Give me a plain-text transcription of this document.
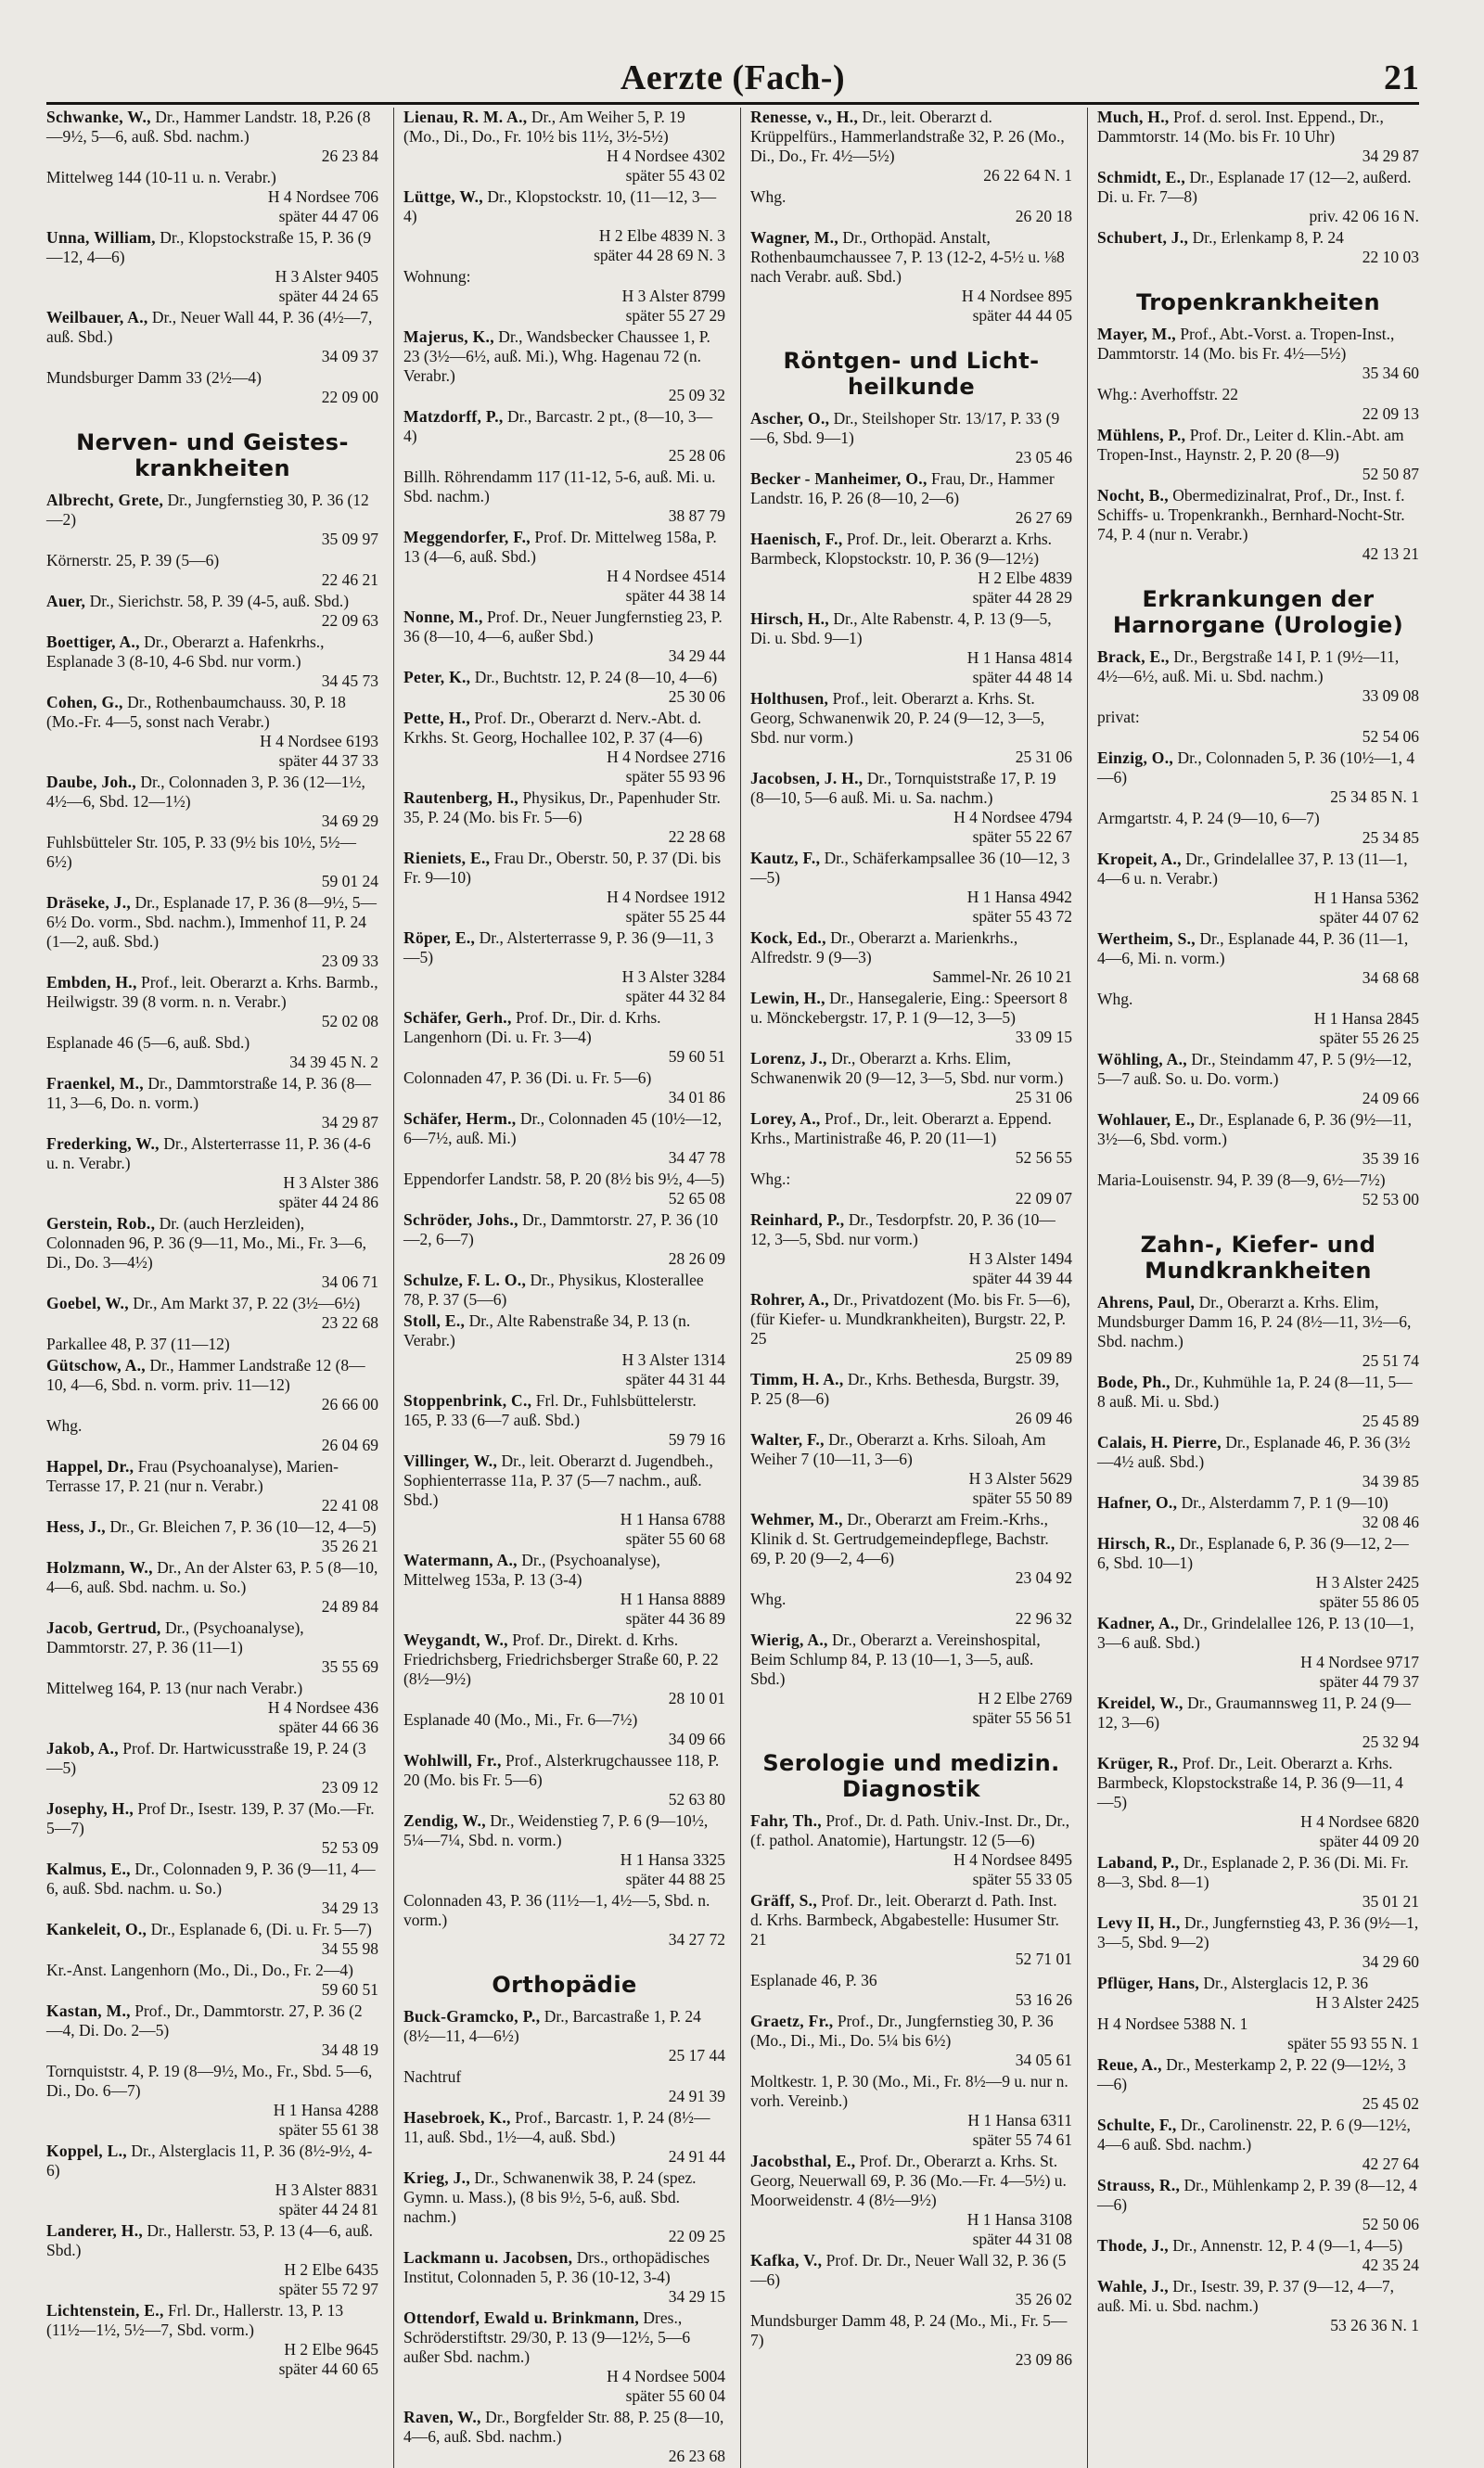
Aerzte (Fach-)	21
Schwanke, W., Dr., Hammer Landstr. 18, P.26 (8—9½, 5—6, auß. Sbd. nachm.)
26 23 84
Mittelweg 144 (10-11 u. n. Verabr.)
H 4 Nordsee 706
später 44 47 06
Unna, William, Dr., Klopstockstraße 15, P. 36 (9—12, 4—6)
H 3 Alster 9405
später 44 24 65
Weilbauer, A., Dr., Neuer Wall 44, P. 36 (4½—7, auß. Sbd.)
34 09 37
Mundsburger Damm 33 (2½—4)
22 09 00
Nerven- und Geistes-krankheiten
Albrecht, Grete, Dr., Jungfernstieg 30, P. 36 (12—2)
35 09 97
Körnerstr. 25, P. 39 (5—6)
22 46 21
Auer, Dr., Sierichstr. 58, P. 39 (4-5, auß. Sbd.)
22 09 63
Boettiger, A., Dr., Oberarzt a. Hafenkrhs., Esplanade 3 (8-10, 4-6 Sbd. nur vorm.)
34 45 73
Cohen, G., Dr., Rothenbaumchauss. 30, P. 18 (Mo.-Fr. 4—5, sonst nach Verabr.)
H 4 Nordsee 6193
später 44 37 33
Daube, Joh., Dr., Colonnaden 3, P. 36 (12—1½, 4½—6, Sbd. 12—1½)
34 69 29
Fuhlsbütteler Str. 105, P. 33 (9½ bis 10½, 5½—6½)
59 01 24
Dräseke, J., Dr., Esplanade 17, P. 36 (8—9½, 5—6½ Do. vorm., Sbd. nachm.), Immenhof 11, P. 24 (1—2, auß. Sbd.)
23 09 33
Embden, H., Prof., leit. Oberarzt a. Krhs. Barmb., Heilwigstr. 39 (8 vorm. n. n. Verabr.)
52 02 08
Esplanade 46 (5—6, auß. Sbd.)
34 39 45 N. 2
Fraenkel, M., Dr., Dammtorstraße 14, P. 36 (8—11, 3—6, Do. n. vorm.)
34 29 87
Frederking, W., Dr., Alsterterrasse 11, P. 36 (4-6 u. n. Verabr.)
H 3 Alster 386
später 44 24 86
Gerstein, Rob., Dr. (auch Herzleiden), Colonnaden 96, P. 36 (9—11, Mo., Mi., Fr. 3—6, Di., Do. 3—4½)
34 06 71
Goebel, W., Dr., Am Markt 37, P. 22 (3½—6½)
23 22 68
Parkallee 48, P. 37 (11—12)
Gütschow, A., Dr., Hammer Landstraße 12 (8—10, 4—6, Sbd. n. vorm. priv. 11—12)
26 66 00
Whg.
26 04 69
Happel, Dr., Frau (Psychoanalyse), Marien-Terrasse 17, P. 21 (nur n. Verabr.)
22 41 08
Hess, J., Dr., Gr. Bleichen 7, P. 36 (10—12, 4—5)
35 26 21
Holzmann, W., Dr., An der Alster 63, P. 5 (8—10, 4—6, auß. Sbd. nachm. u. So.)
24 89 84
Jacob, Gertrud, Dr., (Psychoanalyse), Dammtorstr. 27, P. 36 (11—1)
35 55 69
Mittelweg 164, P. 13 (nur nach Verabr.)
H 4 Nordsee 436
später 44 66 36
Jakob, A., Prof. Dr. Hartwicusstraße 19, P. 24 (3—5)
23 09 12
Josephy, H., Prof Dr., Isestr. 139, P. 37 (Mo.—Fr. 5—7)
52 53 09
Kalmus, E., Dr., Colonnaden 9, P. 36 (9—11, 4—6, auß. Sbd. nachm. u. So.)
34 29 13
Kankeleit, O., Dr., Esplanade 6, (Di. u. Fr. 5—7)
34 55 98
Kr.-Anst. Langenhorn (Mo., Di., Do., Fr. 2—4)
59 60 51
Kastan, M., Prof., Dr., Dammtorstr. 27, P. 36 (2—4, Di. Do. 2—5)
34 48 19
Tornquiststr. 4, P. 19 (8—9½, Mo., Fr., Sbd. 5—6, Di., Do. 6—7)
H 1 Hansa 4288
später 55 61 38
Koppel, L., Dr., Alsterglacis 11, P. 36 (8½-9½, 4-6)
H 3 Alster 8831
später 44 24 81
Landerer, H., Dr., Hallerstr. 53, P. 13 (4—6, auß. Sbd.)
H 2 Elbe 6435
später 55 72 97
Lichtenstein, E., Frl. Dr., Hallerstr. 13, P. 13 (11½—1½, 5½—7, Sbd. vorm.)
H 2 Elbe 9645
später 44 60 65
Lienau, R. M. A., Dr., Am Weiher 5, P. 19 (Mo., Di., Do., Fr. 10½ bis 11½, 3½-5½)
H 4 Nordsee 4302
später 55 43 02
Lüttge, W., Dr., Klopstockstr. 10, (11—12, 3—4)
H 2 Elbe 4839 N. 3
später 44 28 69 N. 3
Wohnung:
H 3 Alster 8799
später 55 27 29
Majerus, K., Dr., Wandsbecker Chaussee 1, P. 23 (3½—6½, auß. Mi.), Whg. Hagenau 72 (n. Verabr.)
25 09 32
Matzdorff, P., Dr., Barcastr. 2 pt., (8—10, 3—4)
25 28 06
Billh. Röhrendamm 117 (11-12, 5-6, auß. Mi. u. Sbd. nachm.)
38 87 79
Meggendorfer, F., Prof. Dr. Mittelweg 158a, P. 13 (4—6, auß. Sbd.)
H 4 Nordsee 4514
später 44 38 14
Nonne, M., Prof. Dr., Neuer Jungfernstieg 23, P. 36 (8—10, 4—6, außer Sbd.)
34 29 44
Peter, K., Dr., Buchtstr. 12, P. 24 (8—10, 4—6)
25 30 06
Pette, H., Prof. Dr., Oberarzt d. Nerv.-Abt. d. Krkhs. St. Georg, Hochallee 102, P. 37 (4—6)
H 4 Nordsee 2716
später 55 93 96
Rautenberg, H., Physikus, Dr., Papenhuder Str. 35, P. 24 (Mo. bis Fr. 5—6)
22 28 68
Rieniets, E., Frau Dr., Oberstr. 50, P. 37 (Di. bis Fr. 9—10)
H 4 Nordsee 1912
später 55 25 44
Röper, E., Dr., Alsterterrasse 9, P. 36 (9—11, 3—5)
H 3 Alster 3284
später 44 32 84
Schäfer, Gerh., Prof. Dr., Dir. d. Krhs. Langenhorn (Di. u. Fr. 3—4)
59 60 51
Colonnaden 47, P. 36 (Di. u. Fr. 5—6)
34 01 86
Schäfer, Herm., Dr., Colonnaden 45 (10½—12, 6—7½, auß. Mi.)
34 47 78
Eppendorfer Landstr. 58, P. 20 (8½ bis 9½, 4—5)
52 65 08
Schröder, Johs., Dr., Dammtorstr. 27, P. 36 (10—2, 6—7)
28 26 09
Schulze, F. L. O., Dr., Physikus, Klosterallee 78, P. 37 (5—6)
Stoll, E., Dr., Alte Rabenstraße 34, P. 13 (n. Verabr.)
H 3 Alster 1314
später 44 31 44
Stoppenbrink, C., Frl. Dr., Fuhlsbüttelerstr. 165, P. 33 (6—7 auß. Sbd.)
59 79 16
Villinger, W., Dr., leit. Oberarzt d. Jugendbeh., Sophienterrasse 11a, P. 37 (5—7 nachm., auß. Sbd.)
H 1 Hansa 6788
später 55 60 68
Watermann, A., Dr., (Psychoanalyse), Mittelweg 153a, P. 13 (3-4)
H 1 Hansa 8889
später 44 36 89
Weygandt, W., Prof. Dr., Direkt. d. Krhs. Friedrichsberg, Friedrichsberger Straße 60, P. 22 (8½—9½)
28 10 01
Esplanade 40 (Mo., Mi., Fr. 6—7½)
34 09 66
Wohlwill, Fr., Prof., Alsterkrugchaussee 118, P. 20 (Mo. bis Fr. 5—6)
52 63 80
Zendig, W., Dr., Weidenstieg 7, P. 6 (9—10½, 5¼—7¼, Sbd. n. vorm.)
H 1 Hansa 3325
später 44 88 25
Colonnaden 43, P. 36 (11½—1, 4½—5, Sbd. n. vorm.)
34 27 72
Orthopädie
Buck-Gramcko, P., Dr., Barcastraße 1, P. 24 (8½—11, 4—6½)
25 17 44
Nachtruf
24 91 39
Hasebroek, K., Prof., Barcastr. 1, P. 24 (8½—11, auß. Sbd., 1½—4, auß. Sbd.)
24 91 44
Krieg, J., Dr., Schwanenwik 38, P. 24 (spez. Gymn. u. Mass.), (8 bis 9½, 5-6, auß. Sbd. nachm.)
22 09 25
Lackmann u. Jacobsen, Drs., orthopädisches Institut, Colonnaden 5, P. 36 (10-12, 3-4)
34 29 15
Ottendorf, Ewald u. Brinkmann, Dres., Schröderstiftstr. 29/30, P. 13 (9—12½, 5—6 außer Sbd. nachm.)
H 4 Nordsee 5004
später 55 60 04
Raven, W., Dr., Borgfelder Str. 88, P. 25 (8—10, 4—6, auß. Sbd. nachm.)
26 23 68
Renesse, v., H., Dr., leit. Oberarzt d. Krüppelfürs., Hammerlandstraße 32, P. 26 (Mo., Di., Do., Fr. 4½—5½)
26 22 64 N. 1
Whg.
26 20 18
Wagner, M., Dr., Orthopäd. Anstalt, Rothenbaumchaussee 7, P. 13 (12-2, 4-5½ u. ⅛8 nach Verabr. auß. Sbd.)
H 4 Nordsee 895
später 44 44 05
Röntgen- und Licht-heilkunde
Ascher, O., Dr., Steilshoper Str. 13/17, P. 33 (9—6, Sbd. 9—1)
23 05 46
Becker - Manheimer, O., Frau, Dr., Hammer Landstr. 16, P. 26 (8—10, 2—6)
26 27 69
Haenisch, F., Prof. Dr., leit. Oberarzt a. Krhs. Barmbeck, Klopstockstr. 10, P. 36 (9—12½)
H 2 Elbe 4839
später 44 28 29
Hirsch, H., Dr., Alte Rabenstr. 4, P. 13 (9—5, Di. u. Sbd. 9—1)
H 1 Hansa 4814
später 44 48 14
Holthusen, Prof., leit. Oberarzt a. Krhs. St. Georg, Schwanenwik 20, P. 24 (9—12, 3—5, Sbd. nur vorm.)
25 31 06
Jacobsen, J. H., Dr., Tornquiststraße 17, P. 19 (8—10, 5—6 auß. Mi. u. Sa. nachm.)
H 4 Nordsee 4794
später 55 22 67
Kautz, F., Dr., Schäferkampsallee 36 (10—12, 3—5)
H 1 Hansa 4942
später 55 43 72
Kock, Ed., Dr., Oberarzt a. Marienkrhs., Alfredstr. 9 (9—3)
Sammel-Nr. 26 10 21
Lewin, H., Dr., Hansegalerie, Eing.: Speersort 8 u. Mönckebergstr. 17, P. 1 (9—12, 3—5)
33 09 15
Lorenz, J., Dr., Oberarzt a. Krhs. Elim, Schwanenwik 20 (9—12, 3—5, Sbd. nur vorm.)
25 31 06
Lorey, A., Prof., Dr., leit. Oberarzt a. Eppend. Krhs., Martinistraße 46, P. 20 (11—1)
52 56 55
Whg.:
22 09 07
Reinhard, P., Dr., Tesdorpfstr. 20, P. 36 (10—12, 3—5, Sbd. nur vorm.)
H 3 Alster 1494
später 44 39 44
Rohrer, A., Dr., Privatdozent (Mo. bis Fr. 5—6), (für Kiefer- u. Mundkrankheiten), Burgstr. 22, P. 25
25 09 89
Timm, H. A., Dr., Krhs. Bethesda, Burgstr. 39, P. 25 (8—6)
26 09 46
Walter, F., Dr., Oberarzt a. Krhs. Siloah, Am Weiher 7 (10—11, 3—6)
H 3 Alster 5629
später 55 50 89
Wehmer, M., Dr., Oberarzt am Freim.-Krhs., Klinik d. St. Gertrudgemeindepflege, Bachstr. 69, P. 20 (9—2, 4—6)
23 04 92
Whg.
22 96 32
Wierig, A., Dr., Oberarzt a. Vereinshospital, Beim Schlump 84, P. 13 (10—1, 3—5, auß. Sbd.)
H 2 Elbe 2769
später 55 56 51
Serologie und medizin. Diagnostik
Fahr, Th., Prof., Dr. d. Path. Univ.-Inst. Dr., Dr., (f. pathol. Anatomie), Hartungstr. 12 (5—6)
H 4 Nordsee 8495
später 55 33 05
Gräff, S., Prof. Dr., leit. Oberarzt d. Path. Inst. d. Krhs. Barmbeck, Abgabestelle: Husumer Str. 21
52 71 01
Esplanade 46, P. 36
53 16 26
Graetz, Fr., Prof., Dr., Jungfernstieg 30, P. 36 (Mo., Di., Mi., Do. 5¼ bis 6½)
34 05 61
Moltkestr. 1, P. 30 (Mo., Mi., Fr. 8½—9 u. nur n. vorh. Vereinb.)
H 1 Hansa 6311
später 55 74 61
Jacobsthal, E., Prof. Dr., Oberarzt a. Krhs. St. Georg, Neuerwall 69, P. 36 (Mo.—Fr. 4—5½) u. Moorweidenstr. 4 (8½—9½)
H 1 Hansa 3108
später 44 31 08
Kafka, V., Prof. Dr. Dr., Neuer Wall 32, P. 36 (5—6)
35 26 02
Mundsburger Damm 48, P. 24 (Mo., Mi., Fr. 5—7)
23 09 86
Much, H., Prof. d. serol. Inst. Eppend., Dr., Dammtorstr. 14 (Mo. bis Fr. 10 Uhr)
34 29 87
Schmidt, E., Dr., Esplanade 17 (12—2, außerd. Di. u. Fr. 7—8)
priv. 42 06 16 N.
Schubert, J., Dr., Erlenkamp 8, P. 24
22 10 03
Tropenkrankheiten
Mayer, M., Prof., Abt.-Vorst. a. Tropen-Inst., Dammtorstr. 14 (Mo. bis Fr. 4½—5½)
35 34 60
Whg.: Averhoffstr. 22
22 09 13
Mühlens, P., Prof. Dr., Leiter d. Klin.-Abt. am Tropen-Inst., Haynstr. 2, P. 20 (8—9)
52 50 87
Nocht, B., Obermedizinalrat, Prof., Dr., Inst. f. Schiffs- u. Tropenkrankh., Bernhard-Nocht-Str. 74, P. 4 (nur n. Verabr.)
42 13 21
Erkrankungen der Harnorgane (Urologie)
Brack, E., Dr., Bergstraße 14 I, P. 1 (9½—11, 4½—6½, auß. Mi. u. Sbd. nachm.)
33 09 08
privat:
52 54 06
Einzig, O., Dr., Colonnaden 5, P. 36 (10½—1, 4—6)
25 34 85 N. 1
Armgartstr. 4, P. 24 (9—10, 6—7)
25 34 85
Kropeit, A., Dr., Grindelallee 37, P. 13 (11—1, 4—6 u. n. Verabr.)
H 1 Hansa 5362
später 44 07 62
Wertheim, S., Dr., Esplanade 44, P. 36 (11—1, 4—6, Mi. n. vorm.)
34 68 68
Whg.
H 1 Hansa 2845
später 55 26 25
Wöhling, A., Dr., Steindamm 47, P. 5 (9½—12, 5—7 auß. So. u. Do. vorm.)
24 09 66
Wohlauer, E., Dr., Esplanade 6, P. 36 (9½—11, 3½—6, Sbd. vorm.)
35 39 16
Maria-Louisenstr. 94, P. 39 (8—9, 6½—7½)
52 53 00
Zahn-, Kiefer- und Mundkrankheiten
Ahrens, Paul, Dr., Oberarzt a. Krhs. Elim, Mundsburger Damm 16, P. 24 (8½—11, 3½—6, Sbd. nachm.)
25 51 74
Bode, Ph., Dr., Kuhmühle 1a, P. 24 (8—11, 5—8 auß. Mi. u. Sbd.)
25 45 89
Calais, H. Pierre, Dr., Esplanade 46, P. 36 (3½—4½ auß. Sbd.)
34 39 85
Hafner, O., Dr., Alsterdamm 7, P. 1 (9—10)
32 08 46
Hirsch, R., Dr., Esplanade 6, P. 36 (9—12, 2—6, Sbd. 10—1)
H 3 Alster 2425
später 55 86 05
Kadner, A., Dr., Grindelallee 126, P. 13 (10—1, 3—6 auß. Sbd.)
H 4 Nordsee 9717
später 44 79 37
Kreidel, W., Dr., Graumannsweg 11, P. 24 (9—12, 3—6)
25 32 94
Krüger, R., Prof. Dr., Leit. Oberarzt a. Krhs. Barmbeck, Klopstockstraße 14, P. 36 (9—11, 4—5)
H 4 Nordsee 6820
später 44 09 20
Laband, P., Dr., Esplanade 2, P. 36 (Di. Mi. Fr. 8—3, Sbd. 8—1)
35 01 21
Levy II, H., Dr., Jungfernstieg 43, P. 36 (9½—1, 3—5, Sbd. 9—2)
34 29 60
Pflüger, Hans, Dr., Alsterglacis 12, P. 36
H 3 Alster 2425
H 4 Nordsee 5388 N. 1
später 55 93 55 N. 1
Reue, A., Dr., Mesterkamp 2, P. 22 (9—12½, 3—6)
25 45 02
Schulte, F., Dr., Carolinenstr. 22, P. 6 (9—12½, 4—6 auß. Sbd. nachm.)
42 27 64
Strauss, R., Dr., Mühlenkamp 2, P. 39 (8—12, 4—6)
52 50 06
Thode, J., Dr., Annenstr. 12, P. 4 (9—1, 4—5)
42 35 24
Wahle, J., Dr., Isestr. 39, P. 37 (9—12, 4—7, auß. Mi. u. Sbd. nachm.)
53 26 36 N. 1
